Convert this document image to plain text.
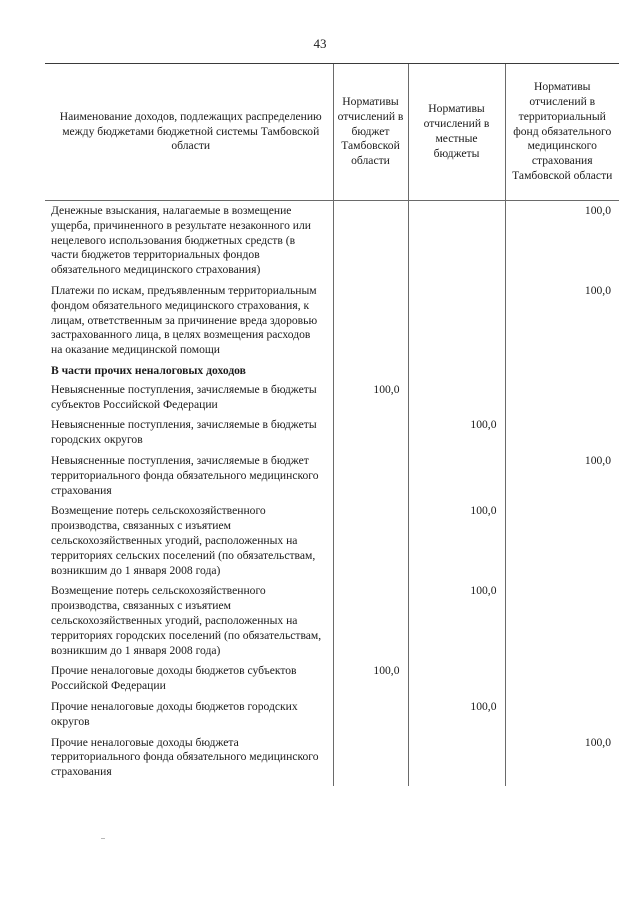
43
Наименование доходов, подлежащих распределению между бюджетами бюджетной системы Тамбовской области	Нормативы отчислений в бюджет Тамбовской области	Нормативы отчислений в местные бюджеты	Нормативы отчислений в территориальный фонд обязательного медицинского страхования Тамбовской области
Денежные взыскания, налагаемые в возмещение ущерба, причиненного в результате незаконного или нецелевого использования бюджетных средств (в части бюджетов территориальных фондов обязательного медицинского страхования)			100,0
Платежи по искам, предъявленным территориальным фондом обязательного медицинского страхования, к лицам, ответственным за причинение вреда здоровью застрахованного лица, в целях возмещения расходов на оказание медицинской помощи			100,0
В части прочих неналоговых доходов			
Невыясненные поступления, зачисляемые в бюджеты субъектов Российской Федерации	100,0		
Невыясненные поступления, зачисляемые в бюджеты городских округов		100,0	
Невыясненные поступления, зачисляемые в бюджет территориального фонда обязательного медицинского страхования			100,0
Возмещение потерь сельскохозяйственного производства, связанных с изъятием сельскохозяйственных угодий, расположенных на территориях сельских поселений (по обязательствам, возникшим до 1 января 2008 года)		100,0	
Возмещение потерь сельскохозяйственного производства, связанных с изъятием сельскохозяйственных угодий, расположенных на территориях городских поселений (по обязательствам, возникшим до 1 января 2008 года)		100,0	
Прочие неналоговые доходы бюджетов субъектов Российской Федерации	100,0		
Прочие неналоговые доходы бюджетов городских округов		100,0	
Прочие неналоговые доходы бюджета территориального фонда обязательного медицинского страхования			100,0
